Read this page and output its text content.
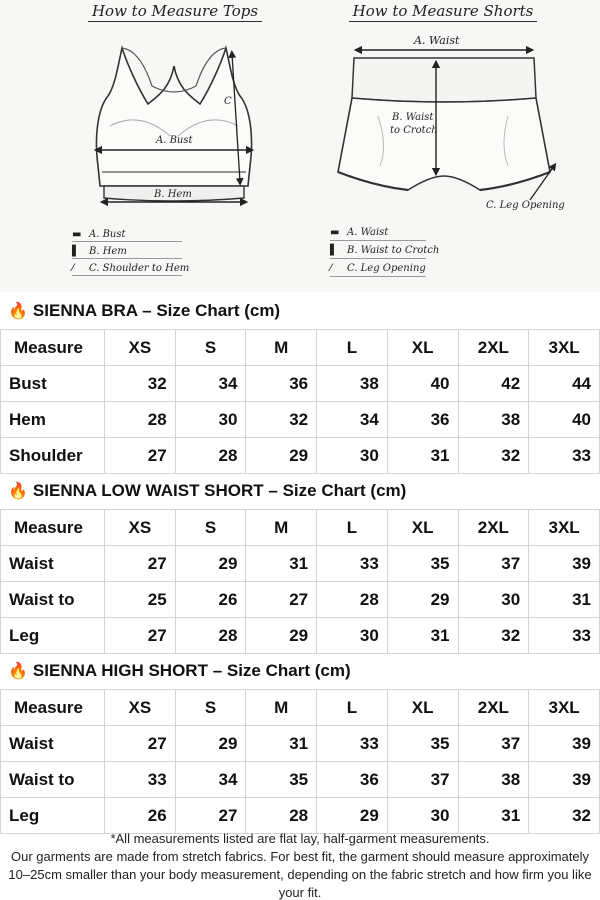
How to Measure Tops
A. Bust
B. Hem
C
▬ A. Bust
▌ B. Hem
⁄ C. Shoulder to Hem
How to Measure Shorts
A. Waist
B. Waist to Crotch
C. Leg Opening
▬ A. Waist
▌ B. Waist to Crotch
⁄ C. Leg Opening
🔥 SIENNA BRA – Size Chart (cm)
Measure	XS	S	M	L	XL	2XL	3XL
Bust	32	34	36	38	40	42	44
Hem	28	30	32	34	36	38	40
Shoulder	27	28	29	30	31	32	33
🔥 SIENNA LOW WAIST SHORT – Size Chart (cm)
Measure	XS	S	M	L	XL	2XL	3XL
Waist	27	29	31	33	35	37	39
Waist to	25	26	27	28	29	30	31
Leg	27	28	29	30	31	32	33
🔥 SIENNA HIGH SHORT – Size Chart (cm)
Measure	XS	S	M	L	XL	2XL	3XL
Waist	27	29	31	33	35	37	39
Waist to	33	34	35	36	37	38	39
Leg	26	27	28	29	30	31	32

*All measurements listed are flat lay, half-garment measurements.

Our garments are made from stretch fabrics. For best fit, the garment should measure approximately 10–25cm smaller than your body measurement, depending on the fabric stretch and how firm you like your fit.
